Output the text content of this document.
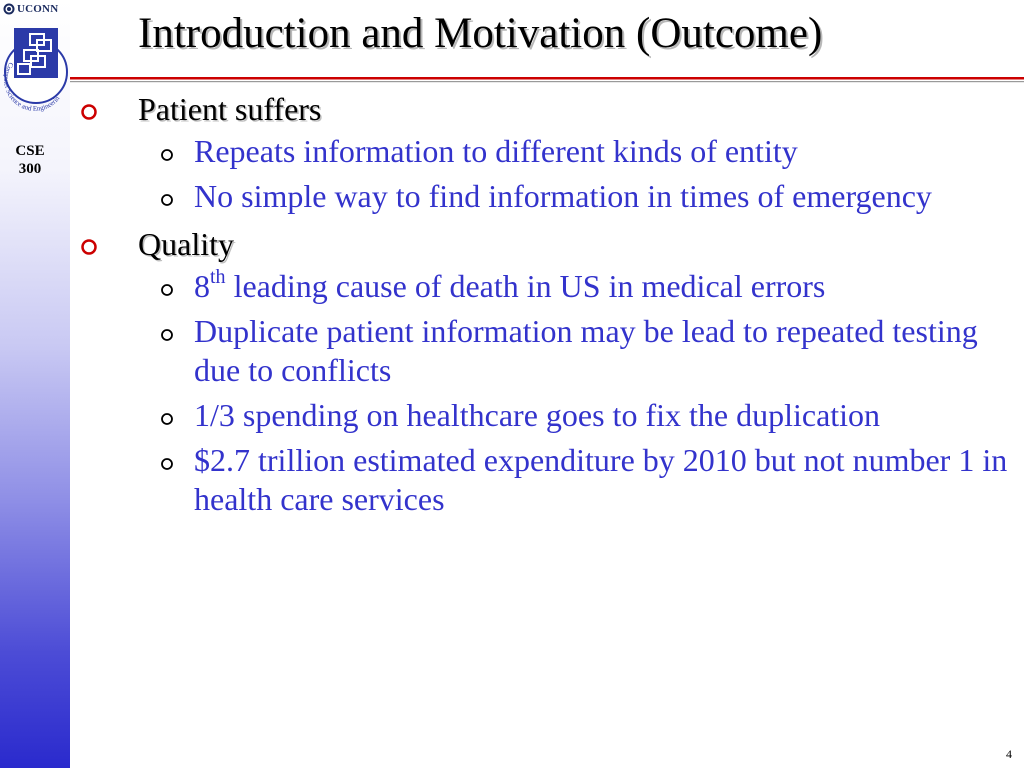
UCONN
Computer Science and Engineerin
CSE
300
Introduction and Motivation (Outcome)
Patient suffers
Repeats information to different kinds of entity
No simple way to find information in times of emergency
Quality
8th leading cause of death in US in medical errors
Duplicate patient information may be lead to repeated testing due to conflicts
1/3 spending on healthcare goes to fix the duplication
$2.7 trillion estimated expenditure by 2010 but not number 1 in health care services
4
